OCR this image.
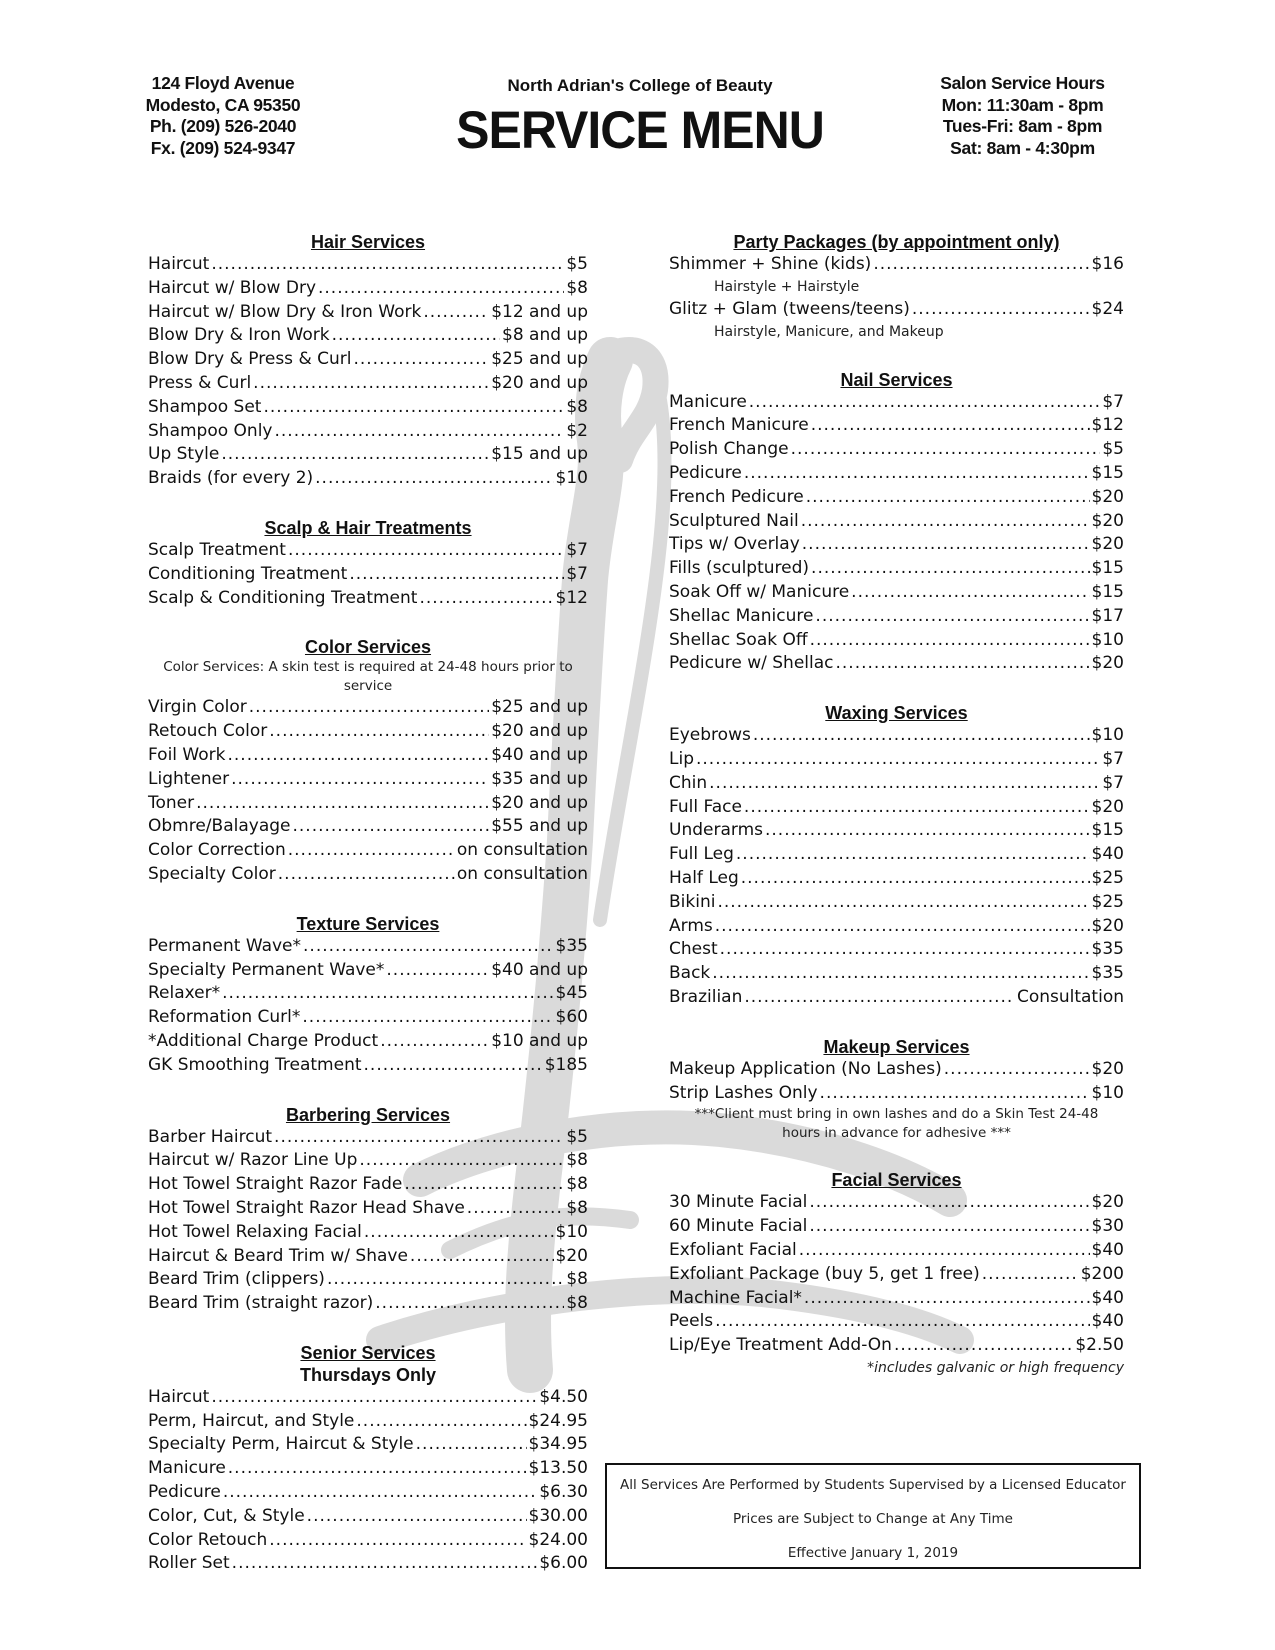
124 Floyd Avenue
Modesto, CA 95350
Ph. (209) 526-2040
Fx. (209) 524-9347
North Adrian's College of Beauty
SERVICE MENU
Salon Service Hours
Mon: 11:30am - 8pm
Tues-Fri: 8am - 8pm
Sat: 8am - 4:30pm
Hair Services
Haircut .....	$5
Haircut w/ Blow Dry .....	$8
Haircut w/ Blow Dry & Iron Work .....	$12 and up
Blow Dry & Iron Work .....	$8 and up
Blow Dry & Press & Curl .....	$25 and up
Press & Curl .....	$20 and up
Shampoo Set .....	$8
Shampoo Only .....	$2
Up Style .....	$15 and up
Braids (for every 2) .....	$10
Scalp & Hair Treatments
Scalp Treatment .....	$7
Conditioning Treatment .....	$7
Scalp & Conditioning Treatment .....	$12
Color Services
Color Services: A skin test is required at 24-48 hours prior to service
Virgin Color .....	$25 and up
Retouch Color .....	$20 and up
Foil Work .....	$40 and up
Lightener .....	$35 and up
Toner .....	$20 and up
Obmre/Balayage .....	$55 and up
Color Correction .....	on consultation
Specialty Color .....	on consultation
Texture Services
Permanent Wave* .....	$35
Specialty Permanent Wave* .....	$40 and up
Relaxer* .....	$45
Reformation Curl* .....	$60
*Additional Charge Product .....	$10 and up
GK Smoothing Treatment .....	$185
Barbering Services
Barber Haircut .....	$5
Haircut w/ Razor Line Up .....	$8
Hot Towel Straight Razor Fade .....	$8
Hot Towel Straight Razor Head Shave .....	$8
Hot Towel Relaxing Facial .....	$10
Haircut & Beard Trim w/ Shave .....	$20
Beard Trim (clippers) .....	$8
Beard Trim (straight razor) .....	$8
Senior Services
Thursdays Only
Haircut .....	$4.50
Perm, Haircut, and Style .....	$24.95
Specialty Perm, Haircut & Style .....	$34.95
Manicure .....	$13.50
Pedicure .....	$6.30
Color, Cut, & Style .....	$30.00
Color Retouch .....	$24.00
Roller Set .....	$6.00
Party Packages (by appointment only)
Shimmer + Shine (kids) .....	$16
Hairstyle + Hairstyle
Glitz + Glam (tweens/teens) .....	$24
Hairstyle, Manicure, and Makeup
Nail Services
Manicure .....	$7
French Manicure .....	$12
Polish Change .....	$5
Pedicure .....	$15
French Pedicure .....	$20
Sculptured Nail .....	$20
Tips w/ Overlay .....	$20
Fills (sculptured) .....	$15
Soak Off w/ Manicure .....	$15
Shellac Manicure .....	$17
Shellac Soak Off .....	$10
Pedicure w/ Shellac .....	$20
Waxing Services
Eyebrows .....	$10
Lip .....	$7
Chin .....	$7
Full Face .....	$20
Underarms .....	$15
Full Leg .....	$40
Half Leg .....	$25
Bikini .....	$25
Arms .....	$20
Chest .....	$35
Back .....	$35
Brazilian .....	Consultation
Makeup Services
Makeup Application (No Lashes) .....	$20
Strip Lashes Only .....	$10
***Client must bring in own lashes and do a Skin Test 24-48 hours in advance for adhesive ***
Facial Services
30 Minute Facial .....	$20
60 Minute Facial .....	$30
Exfoliant Facial .....	$40
Exfoliant Package (buy 5, get 1 free) .....	$200
Machine Facial* .....	$40
Peels .....	$40
Lip/Eye Treatment Add-On .....	$2.50
*includes galvanic or high frequency
All Services Are Performed by Students Supervised by a Licensed Educator
Prices are Subject to Change at Any Time
Effective January 1, 2019
